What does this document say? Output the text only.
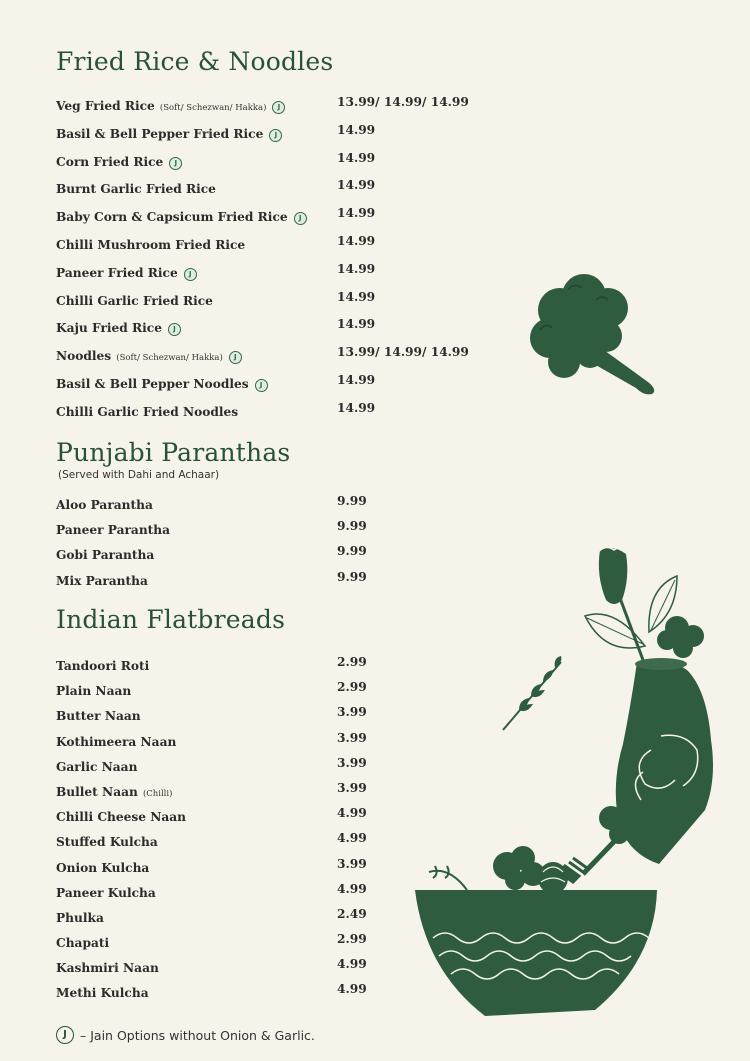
Fried Rice & Noodles
Veg Fried Rice (Soft/ Schezwan/ Hakka) J	13.99/ 14.99/ 14.99
Basil & Bell Pepper Fried Rice J	14.99
Corn Fried Rice J	14.99
Burnt Garlic Fried Rice	14.99
Baby Corn & Capsicum Fried Rice J	14.99
Chilli Mushroom Fried Rice	14.99
Paneer Fried Rice J	14.99
Chilli Garlic Fried Rice	14.99
Kaju Fried Rice J	14.99
Noodles (Soft/ Schezwan/ Hakka) J	13.99/ 14.99/ 14.99
Basil & Bell Pepper Noodles J	14.99
Chilli Garlic Fried Noodles	14.99
Punjabi Paranthas
(Served with Dahi and Achaar)
Aloo Parantha	9.99
Paneer Parantha	9.99
Gobi Parantha	9.99
Mix Parantha	9.99
Indian Flatbreads
Tandoori Roti	2.99
Plain Naan	2.99
Butter Naan	3.99
Kothimeera Naan	3.99
Garlic Naan	3.99
Bullet Naan (Chilli)	3.99
Chilli Cheese Naan	4.99
Stuffed Kulcha	4.99
Onion Kulcha	3.99
Paneer Kulcha	4.99
Phulka	2.49
Chapati	2.99
Kashmiri Naan	4.99
Methi Kulcha	4.99
J	– Jain Options without Onion & Garlic.
